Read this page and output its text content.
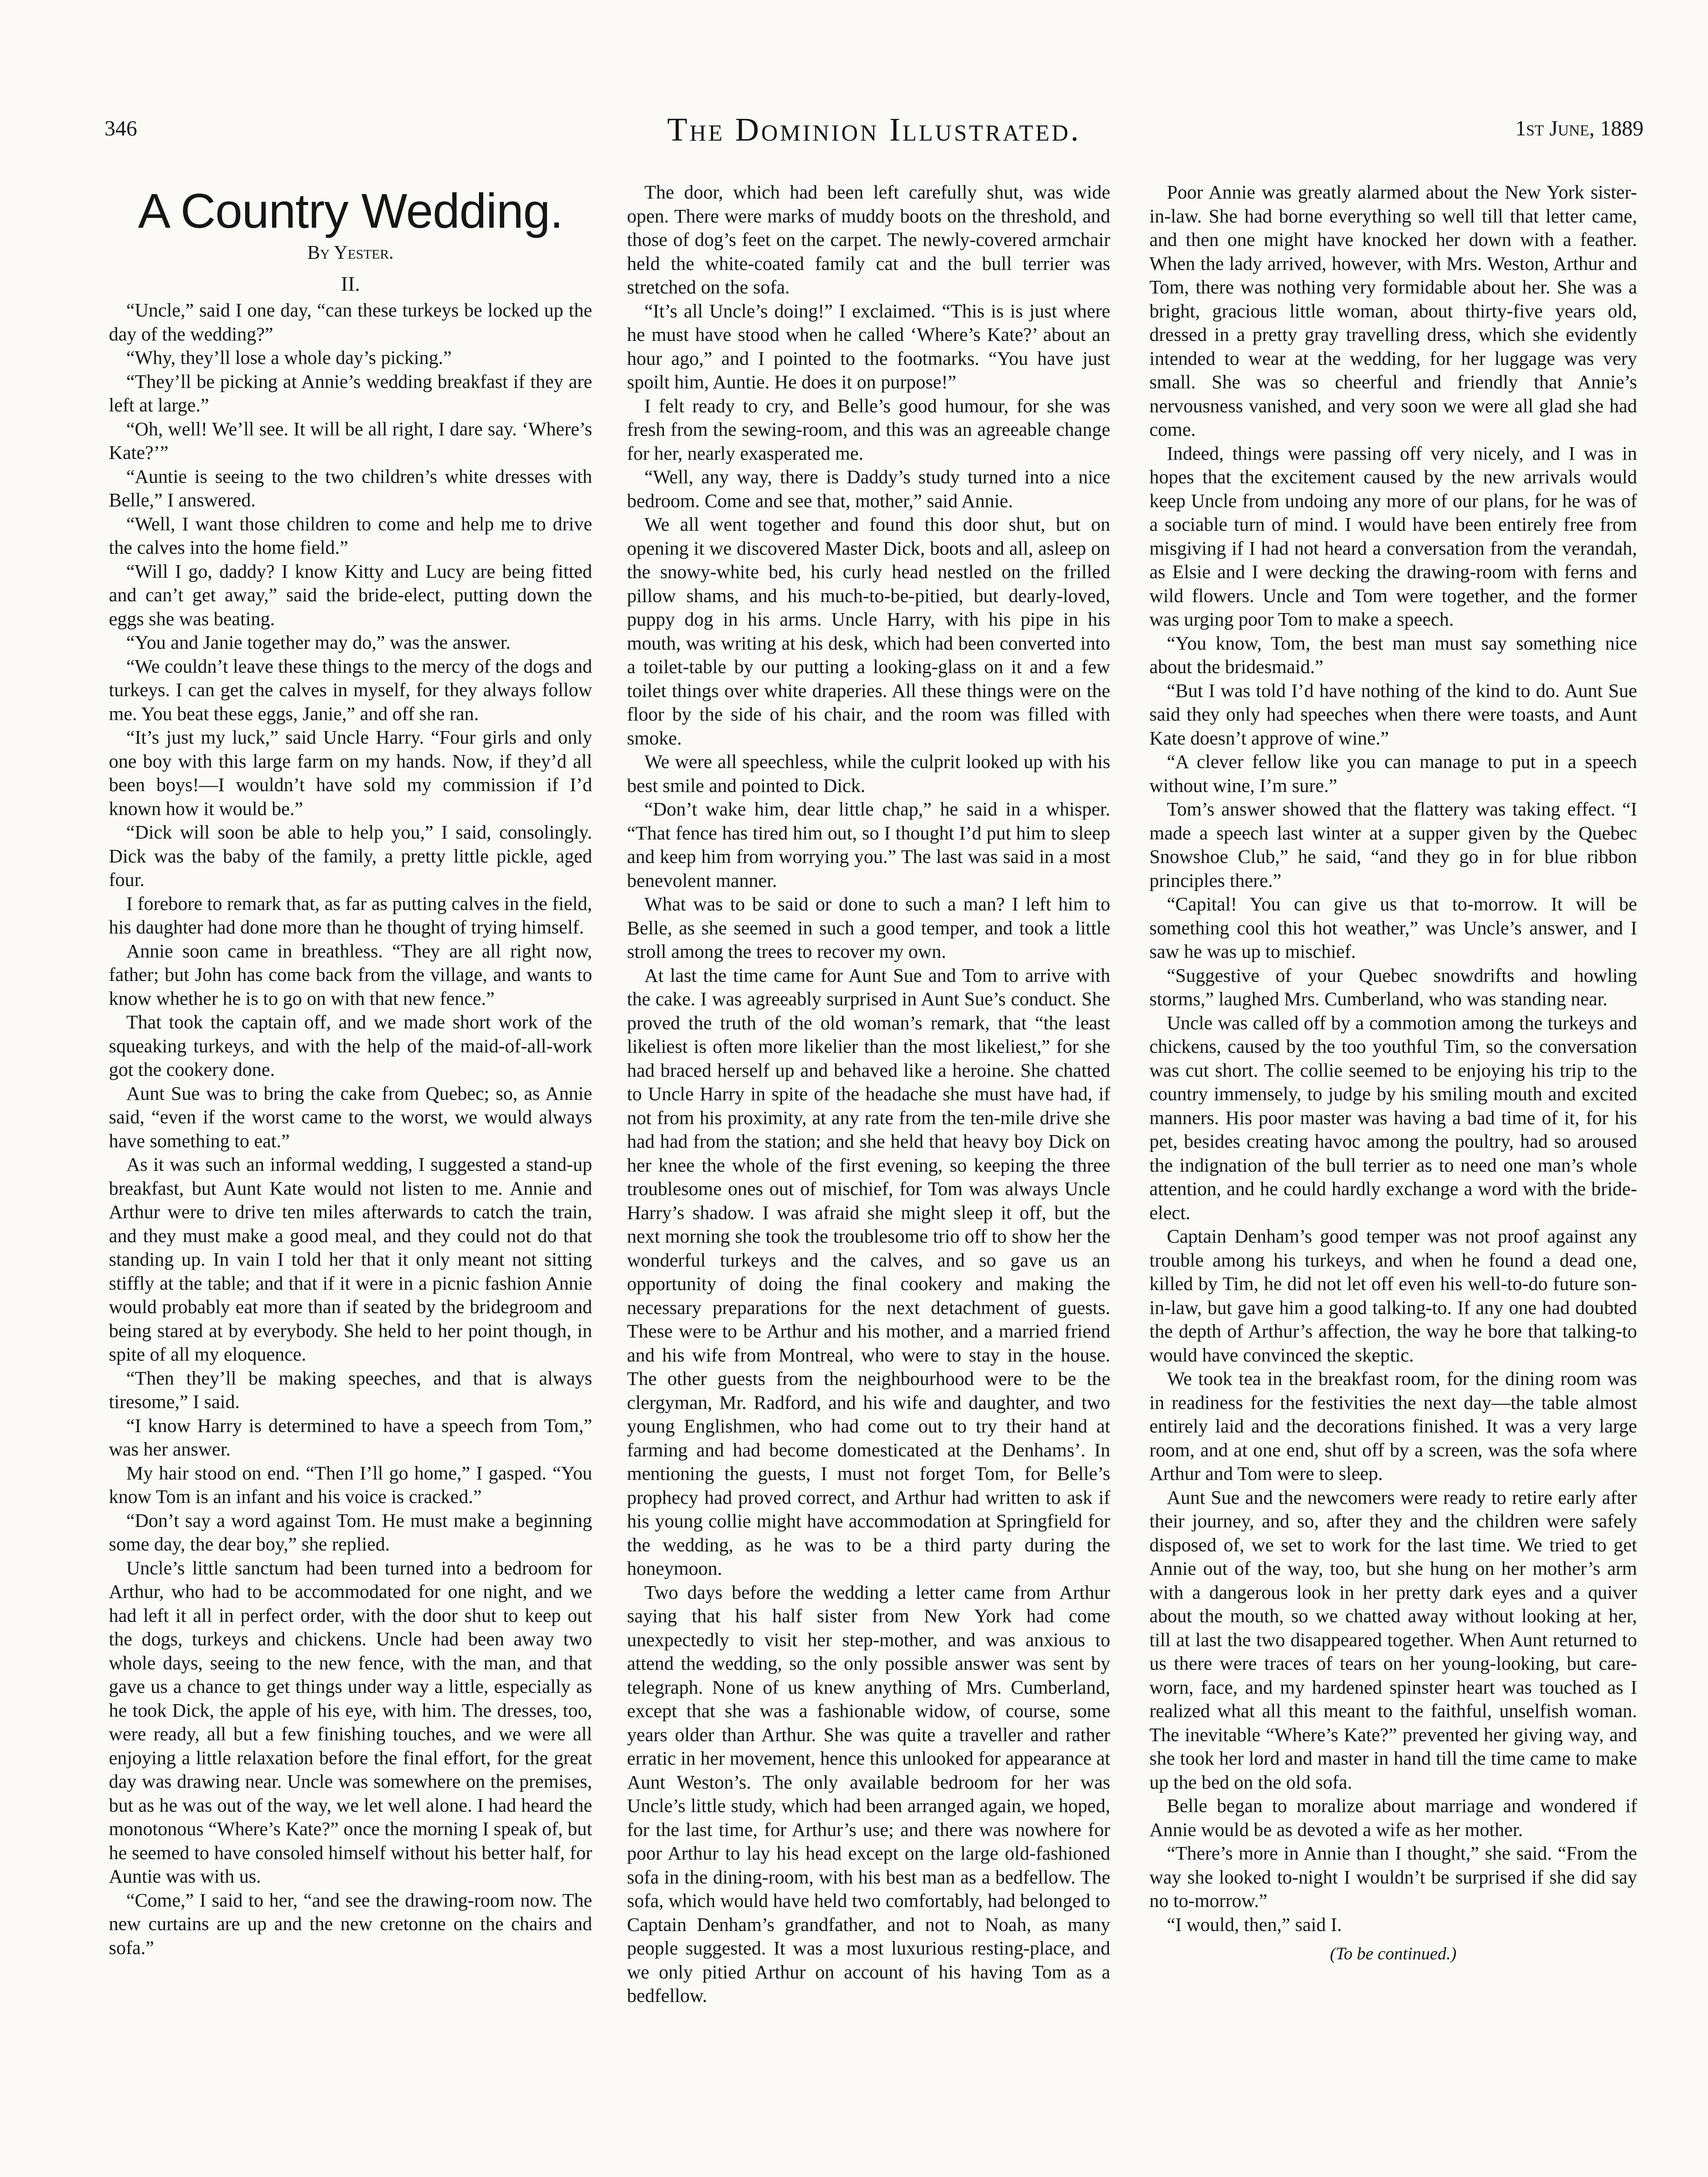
346	The Dominion Illustrated.	1st June, 1889
A Country Wedding.
By Yester.
II.

“Uncle,” said I one day, “can these turkeys be locked up the day of the wedding?”

“Why, they’ll lose a whole day’s picking.”

“They’ll be picking at Annie’s wedding breakfast if they are left at large.”

“Oh, well! We’ll see. It will be all right, I dare say. ‘Where’s Kate?’”

“Auntie is seeing to the two children’s white dresses with Belle,” I answered.

“Well, I want those children to come and help me to drive the calves into the home field.”

“Will I go, daddy? I know Kitty and Lucy are being fitted and can’t get away,” said the bride-elect, putting down the eggs she was beating.

“You and Janie together may do,” was the answer.

“We couldn’t leave these things to the mercy of the dogs and turkeys. I can get the calves in myself, for they always follow me. You beat these eggs, Janie,” and off she ran.

“It’s just my luck,” said Uncle Harry. “Four girls and only one boy with this large farm on my hands. Now, if they’d all been boys!—I wouldn’t have sold my commission if I’d known how it would be.”

“Dick will soon be able to help you,” I said, consolingly. Dick was the baby of the family, a pretty little pickle, aged four.

I forebore to remark that, as far as putting calves in the field, his daughter had done more than he thought of trying himself.

Annie soon came in breathless. “They are all right now, father; but John has come back from the village, and wants to know whether he is to go on with that new fence.”

That took the captain off, and we made short work of the squeaking turkeys, and with the help of the maid-of-all-work got the cookery done.

Aunt Sue was to bring the cake from Quebec; so, as Annie said, “even if the worst came to the worst, we would always have something to eat.”

As it was such an informal wedding, I suggested a stand-up breakfast, but Aunt Kate would not listen to me. Annie and Arthur were to drive ten miles afterwards to catch the train, and they must make a good meal, and they could not do that standing up. In vain I told her that it only meant not sitting stiffly at the table; and that if it were in a picnic fashion Annie would probably eat more than if seated by the bridegroom and being stared at by everybody. She held to her point though, in spite of all my eloquence.

“Then they’ll be making speeches, and that is always tiresome,” I said.

“I know Harry is determined to have a speech from Tom,” was her answer.

My hair stood on end. “Then I’ll go home,” I gasped. “You know Tom is an infant and his voice is cracked.”

“Don’t say a word against Tom. He must make a beginning some day, the dear boy,” she replied.

Uncle’s little sanctum had been turned into a bedroom for Arthur, who had to be accommodated for one night, and we had left it all in perfect order, with the door shut to keep out the dogs, turkeys and chickens. Uncle had been away two whole days, seeing to the new fence, with the man, and that gave us a chance to get things under way a little, especially as he took Dick, the apple of his eye, with him. The dresses, too, were ready, all but a few finishing touches, and we were all enjoying a little relaxation before the final effort, for the great day was drawing near. Uncle was somewhere on the premises, but as he was out of the way, we let well alone. I had heard the monotonous “Where’s Kate?” once the morning I speak of, but he seemed to have consoled himself without his better half, for Auntie was with us.

“Come,” I said to her, “and see the drawing-room now. The new curtains are up and the new cretonne on the chairs and sofa.”

The door, which had been left carefully shut, was wide open. There were marks of muddy boots on the threshold, and those of dog’s feet on the carpet. The newly-covered armchair held the white-coated family cat and the bull terrier was stretched on the sofa.

“It’s all Uncle’s doing!” I exclaimed. “This is is just where he must have stood when he called ‘Where’s Kate?’ about an hour ago,” and I pointed to the footmarks. “You have just spoilt him, Auntie. He does it on purpose!”

I felt ready to cry, and Belle’s good humour, for she was fresh from the sewing-room, and this was an agreeable change for her, nearly exasperated me.

“Well, any way, there is Daddy’s study turned into a nice bedroom. Come and see that, mother,” said Annie.

We all went together and found this door shut, but on opening it we discovered Master Dick, boots and all, asleep on the snowy-white bed, his curly head nestled on the frilled pillow shams, and his much-to-be-pitied, but dearly-loved, puppy dog in his arms. Uncle Harry, with his pipe in his mouth, was writing at his desk, which had been converted into a toilet-table by our putting a looking-glass on it and a few toilet things over white draperies. All these things were on the floor by the side of his chair, and the room was filled with smoke.

We were all speechless, while the culprit looked up with his best smile and pointed to Dick.

“Don’t wake him, dear little chap,” he said in a whisper. “That fence has tired him out, so I thought I’d put him to sleep and keep him from worrying you.” The last was said in a most benevolent manner.

What was to be said or done to such a man? I left him to Belle, as she seemed in such a good temper, and took a little stroll among the trees to recover my own.

At last the time came for Aunt Sue and Tom to arrive with the cake. I was agreeably surprised in Aunt Sue’s conduct. She proved the truth of the old woman’s remark, that “the least likeliest is often more likelier than the most likeliest,” for she had braced herself up and behaved like a heroine. She chatted to Uncle Harry in spite of the headache she must have had, if not from his proximity, at any rate from the ten-mile drive she had had from the station; and she held that heavy boy Dick on her knee the whole of the first evening, so keeping the three troublesome ones out of mischief, for Tom was always Uncle Harry’s shadow. I was afraid she might sleep it off, but the next morning she took the troublesome trio off to show her the wonderful turkeys and the calves, and so gave us an opportunity of doing the final cookery and making the necessary preparations for the next detachment of guests. These were to be Arthur and his mother, and a married friend and his wife from Montreal, who were to stay in the house. The other guests from the neighbourhood were to be the clergyman, Mr. Radford, and his wife and daughter, and two young Englishmen, who had come out to try their hand at farming and had become domesticated at the Denhams’. In mentioning the guests, I must not forget Tom, for Belle’s prophecy had proved correct, and Arthur had written to ask if his young collie might have accommodation at Springfield for the wedding, as he was to be a third party during the honeymoon.

Two days before the wedding a letter came from Arthur saying that his half sister from New York had come unexpectedly to visit her step-mother, and was anxious to attend the wedding, so the only possible answer was sent by telegraph. None of us knew anything of Mrs. Cumberland, except that she was a fashionable widow, of course, some years older than Arthur. She was quite a traveller and rather erratic in her movement, hence this unlooked for appearance at Aunt Weston’s. The only available bedroom for her was Uncle’s little study, which had been arranged again, we hoped, for the last time, for Arthur’s use; and there was nowhere for poor Arthur to lay his head except on the large old-fashioned sofa in the dining-room, with his best man as a bedfellow. The sofa, which would have held two comfortably, had belonged to Captain Denham’s grandfather, and not to Noah, as many people suggested. It was a most luxurious resting-place, and we only pitied Arthur on account of his having Tom as a bedfellow.

Poor Annie was greatly alarmed about the New York sister-in-law. She had borne everything so well till that letter came, and then one might have knocked her down with a feather. When the lady arrived, however, with Mrs. Weston, Arthur and Tom, there was nothing very formidable about her. She was a bright, gracious little woman, about thirty-five years old, dressed in a pretty gray travelling dress, which she evidently intended to wear at the wedding, for her luggage was very small. She was so cheerful and friendly that Annie’s nervousness vanished, and very soon we were all glad she had come.

Indeed, things were passing off very nicely, and I was in hopes that the excitement caused by the new arrivals would keep Uncle from undoing any more of our plans, for he was of a sociable turn of mind. I would have been entirely free from misgiving if I had not heard a conversation from the verandah, as Elsie and I were decking the drawing-room with ferns and wild flowers. Uncle and Tom were together, and the former was urging poor Tom to make a speech.

“You know, Tom, the best man must say something nice about the bridesmaid.”

“But I was told I’d have nothing of the kind to do. Aunt Sue said they only had speeches when there were toasts, and Aunt Kate doesn’t approve of wine.”

“A clever fellow like you can manage to put in a speech without wine, I’m sure.”

Tom’s answer showed that the flattery was taking effect. “I made a speech last winter at a supper given by the Quebec Snowshoe Club,” he said, “and they go in for blue ribbon principles there.”

“Capital! You can give us that to-morrow. It will be something cool this hot weather,” was Uncle’s answer, and I saw he was up to mischief.

“Suggestive of your Quebec snowdrifts and howling storms,” laughed Mrs. Cumberland, who was standing near.

Uncle was called off by a commotion among the turkeys and chickens, caused by the too youthful Tim, so the conversation was cut short. The collie seemed to be enjoying his trip to the country immensely, to judge by his smiling mouth and excited manners. His poor master was having a bad time of it, for his pet, besides creating havoc among the poultry, had so aroused the indignation of the bull terrier as to need one man’s whole attention, and he could hardly exchange a word with the bride-elect.

Captain Denham’s good temper was not proof against any trouble among his turkeys, and when he found a dead one, killed by Tim, he did not let off even his well-to-do future son-in-law, but gave him a good talking-to. If any one had doubted the depth of Arthur’s affection, the way he bore that talking-to would have convinced the skeptic.

We took tea in the breakfast room, for the dining room was in readiness for the festivities the next day—the table almost entirely laid and the decorations finished. It was a very large room, and at one end, shut off by a screen, was the sofa where Arthur and Tom were to sleep.

Aunt Sue and the newcomers were ready to retire early after their journey, and so, after they and the children were safely disposed of, we set to work for the last time. We tried to get Annie out of the way, too, but she hung on her mother’s arm with a dangerous look in her pretty dark eyes and a quiver about the mouth, so we chatted away without looking at her, till at last the two disappeared together. When Aunt returned to us there were traces of tears on her young-looking, but care-worn, face, and my hardened spinster heart was touched as I realized what all this meant to the faithful, unselfish woman. The inevitable “Where’s Kate?” prevented her giving way, and she took her lord and master in hand till the time came to make up the bed on the old sofa.

Belle began to moralize about marriage and wondered if Annie would be as devoted a wife as her mother.

“There’s more in Annie than I thought,” she said. “From the way she looked to-night I wouldn’t be surprised if she did say no to-morrow.”

“I would, then,” said I.

(To be continued.)
